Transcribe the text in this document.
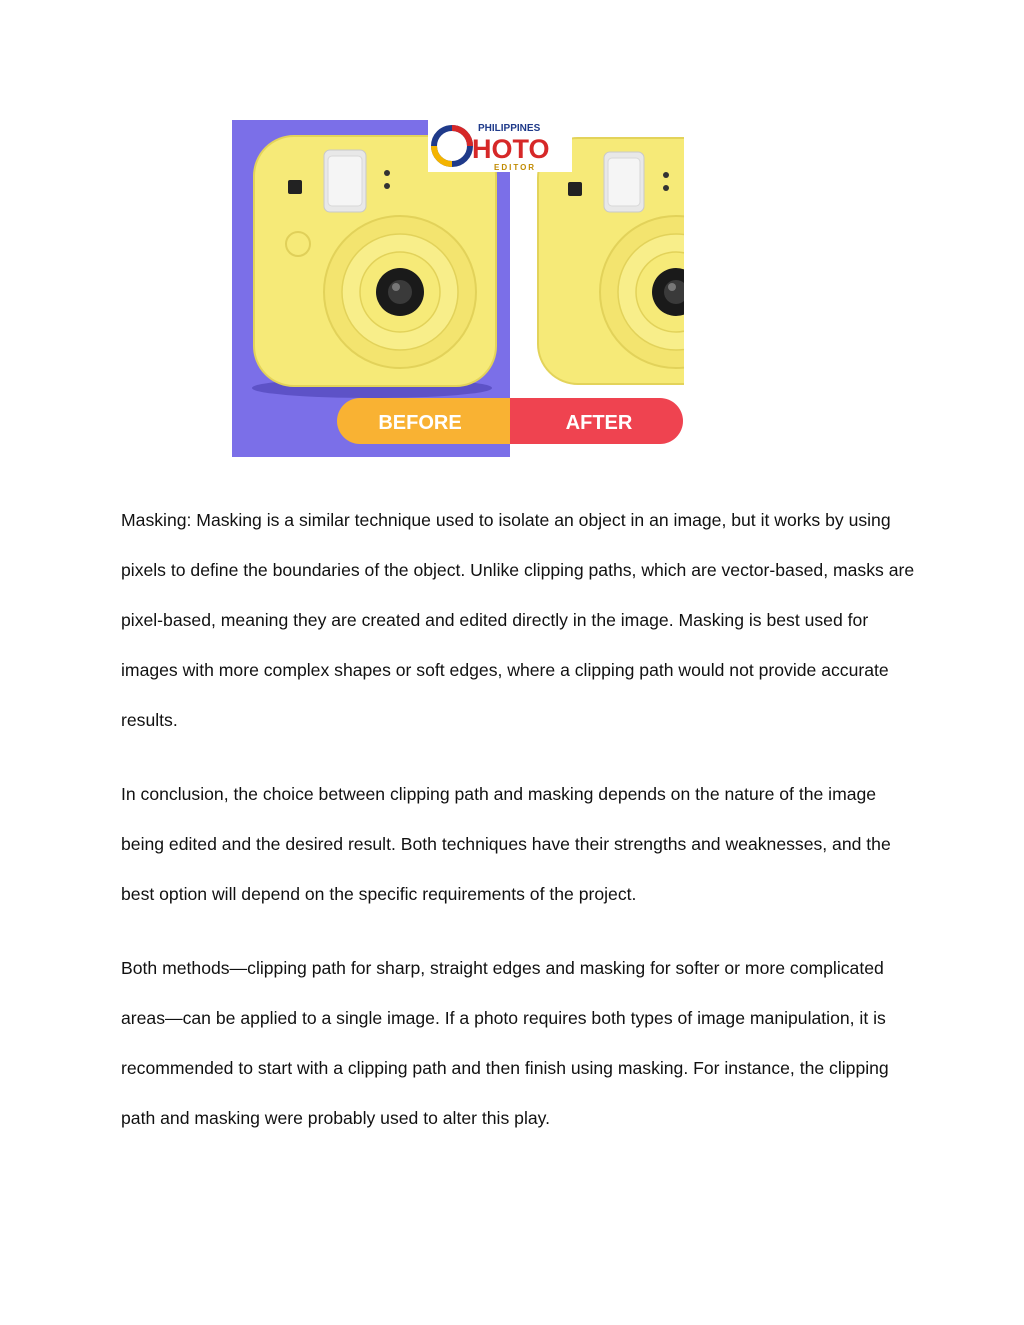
PHILIPPINES
HOTO
EDITOR
BEFORE	AFTER

Masking: Masking is a similar technique used to isolate an object in an image, but it works by using pixels to define the boundaries of the object. Unlike clipping paths, which are vector-based, masks are pixel-based, meaning they are created and edited directly in the image. Masking is best used for images with more complex shapes or soft edges, where a clipping path would not provide accurate results.

In conclusion, the choice between clipping path and masking depends on the nature of the image being edited and the desired result. Both techniques have their strengths and weaknesses, and the best option will depend on the specific requirements of the project.

Both methods—clipping path for sharp, straight edges and masking for softer or more complicated areas—can be applied to a single image. If a photo requires both types of image manipulation, it is recommended to start with a clipping path and then finish using masking. For instance, the clipping path and masking were probably used to alter this play.
